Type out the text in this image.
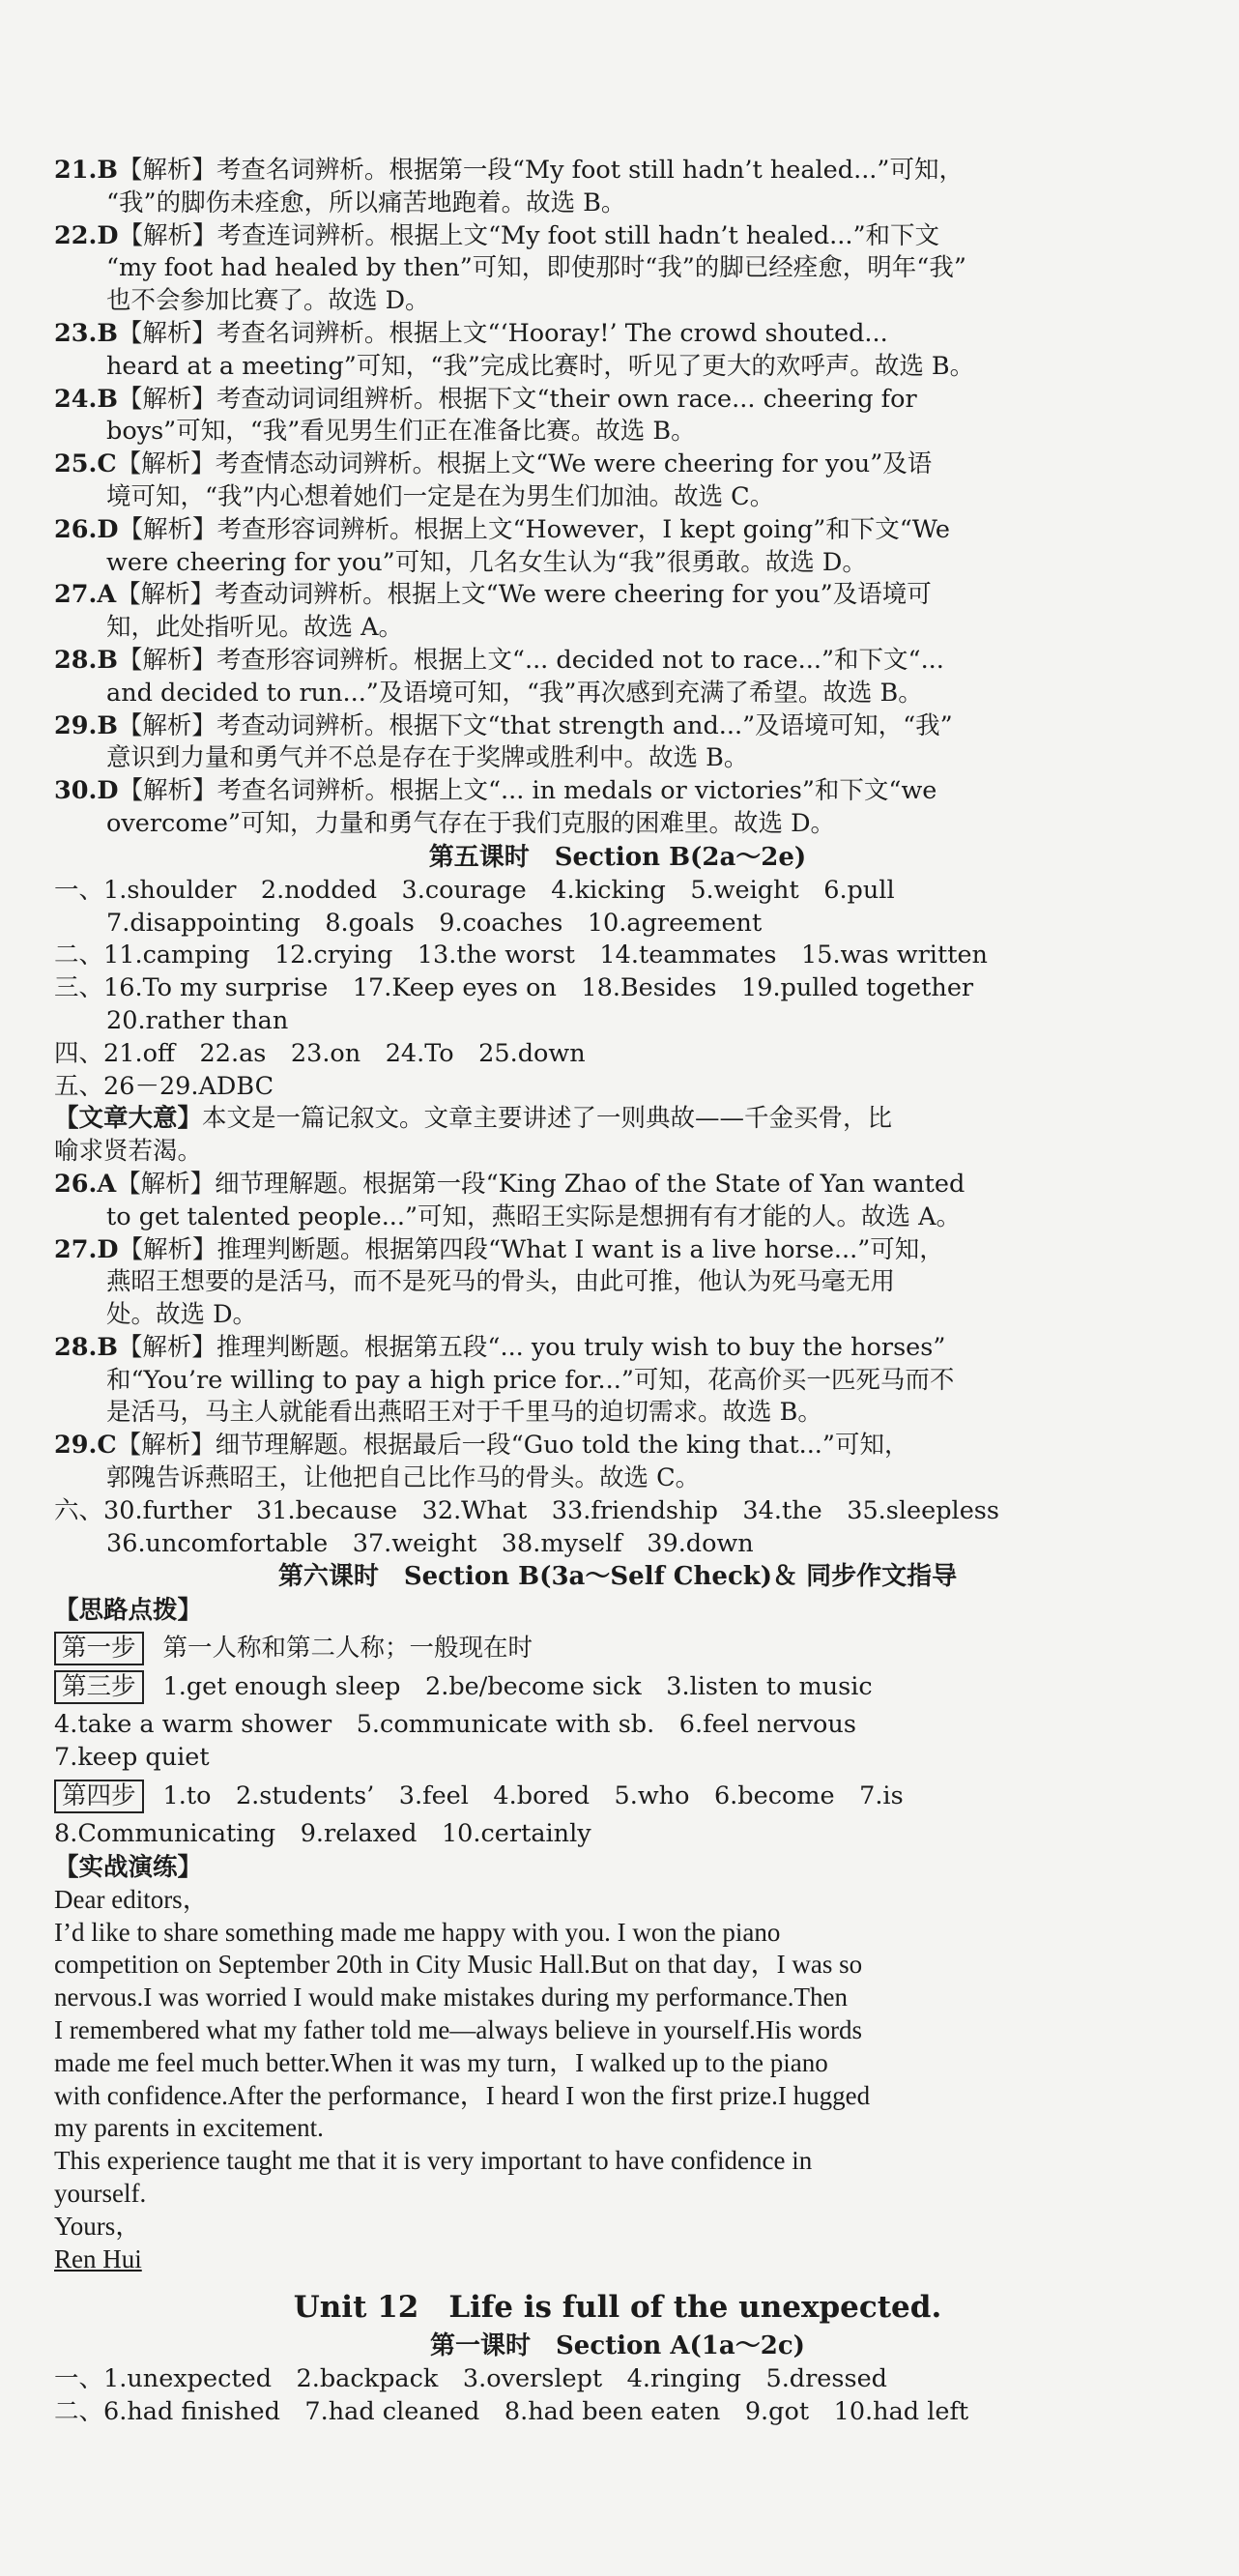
21.B【解析】考查名词辨析。根据第一段“My foot still hadn’t healed...”可知，
“我”的脚伤未痊愈，所以痛苦地跑着。故选 B。
22.D【解析】考查连词辨析。根据上文“My foot still hadn’t healed...”和下文
“my foot had healed by then”可知，即使那时“我”的脚已经痊愈，明年“我”
也不会参加比赛了。故选 D。
23.B【解析】考查名词辨析。根据上文“‘Hooray!’ The crowd shouted...
heard at a meeting”可知，“我”完成比赛时，听见了更大的欢呼声。故选 B。
24.B【解析】考查动词词组辨析。根据下文“their own race... cheering for
boys”可知，“我”看见男生们正在准备比赛。故选 B。
25.C【解析】考查情态动词辨析。根据上文“We were cheering for you”及语
境可知，“我”内心想着她们一定是在为男生们加油。故选 C。
26.D【解析】考查形容词辨析。根据上文“However，I kept going”和下文“We
were cheering for you”可知，几名女生认为“我”很勇敢。故选 D。
27.A【解析】考查动词辨析。根据上文“We were cheering for you”及语境可
知，此处指听见。故选 A。
28.B【解析】考查形容词辨析。根据上文“... decided not to race...”和下文“...
and decided to run...”及语境可知，“我”再次感到充满了希望。故选 B。
29.B【解析】考查动词辨析。根据下文“that strength and...”及语境可知，“我”
意识到力量和勇气并不总是存在于奖牌或胜利中。故选 B。
30.D【解析】考查名词辨析。根据上文“... in medals or victories”和下文“we
overcome”可知，力量和勇气存在于我们克服的困难里。故选 D。
第五课时　Section B(2a～2e)
一、1.shoulder　2.nodded　3.courage　4.kicking　5.weight　6.pull
7.disappointing　8.goals　9.coaches　10.agreement
二、11.camping　12.crying　13.the worst　14.teammates　15.was written
三、16.To my surprise　17.Keep eyes on　18.Besides　19.pulled together
20.rather than
四、21.off　22.as　23.on　24.To　25.down
五、26－29.ADBC
【文章大意】本文是一篇记叙文。文章主要讲述了一则典故——千金买骨，比
喻求贤若渴。
26.A【解析】细节理解题。根据第一段“King Zhao of the State of Yan wanted
to get talented people...”可知，燕昭王实际是想拥有有才能的人。故选 A。
27.D【解析】推理判断题。根据第四段“What I want is a live horse...”可知，
燕昭王想要的是活马，而不是死马的骨头，由此可推，他认为死马毫无用
处。故选 D。
28.B【解析】推理判断题。根据第五段“... you truly wish to buy the horses”
和“You’re willing to pay a high price for...”可知，花高价买一匹死马而不
是活马，马主人就能看出燕昭王对于千里马的迫切需求。故选 B。
29.C【解析】细节理解题。根据最后一段“Guo told the king that...”可知，
郭隗告诉燕昭王，让他把自己比作马的骨头。故选 C。
六、30.further　31.because　32.What　33.friendship　34.the　35.sleepless
36.uncomfortable　37.weight　38.myself　39.down
第六课时　Section B(3a～Self Check)＆ 同步作文指导
【思路点拨】
第一步 第一人称和第二人称；一般现在时
第三步 1.get enough sleep　2.be/become sick　3.listen to music
4.take a warm shower　5.communicate with sb.　6.feel nervous
7.keep quiet
第四步 1.to　2.students’　3.feel　4.bored　5.who　6.become　7.is
8.Communicating　9.relaxed　10.certainly
【实战演练】
Dear editors，
I’d like to share something made me happy with you. I won the piano
competition on September 20th in City Music Hall.But on that day，I was so
nervous.I was worried I would make mistakes during my performance.Then
I remembered what my father told me—always believe in yourself.His words
made me feel much better.When it was my turn，I walked up to the piano
with confidence.After the performance，I heard I won the first prize.I hugged
my parents in excitement.
This experience taught me that it is very important to have confidence in
yourself.
Yours，
Ren Hui
Unit 12　Life is full of the unexpected.
第一课时　Section A(1a～2c)
一、1.unexpected　2.backpack　3.overslept　4.ringing　5.dressed
二、6.had finished　7.had cleaned　8.had been eaten　9.got　10.had left
